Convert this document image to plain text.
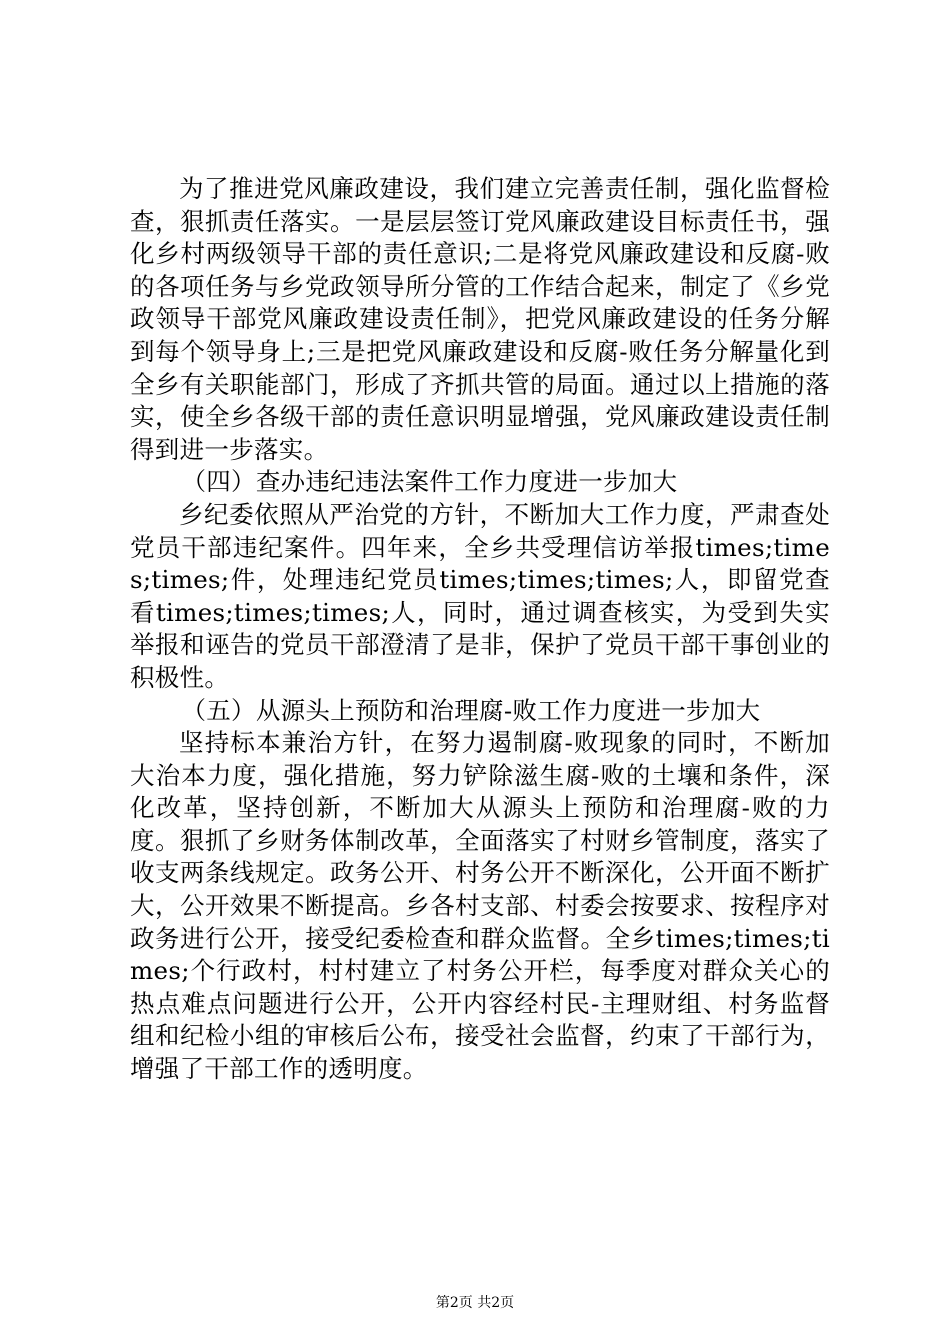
为了推进党风廉政建设，我们建立完善责任制，强化监督检查，狠抓责任落实。一是层层签订党风廉政建设目标责任书，强化乡村两级领导干部的责任意识;二是将党风廉政建设和反腐-败的各项任务与乡党政领导所分管的工作结合起来，制定了《乡党政领导干部党风廉政建设责任制》，把党风廉政建设的任务分解到每个领导身上;三是把党风廉政建设和反腐-败任务分解量化到全乡有关职能部门，形成了齐抓共管的局面。通过以上措施的落实，使全乡各级干部的责任意识明显增强，党风廉政建设责任制得到进一步落实。

（四）查办违纪违法案件工作力度进一步加大

乡纪委依照从严治党的方针，不断加大工作力度，严肃查处党员干部违纪案件。四年来，全乡共受理信访举报times;times;times;件，处理违纪党员times;times;times;人，即留党查看times;times;times;人，同时，通过调查核实，为受到失实举报和诬告的党员干部澄清了是非，保护了党员干部干事创业的积极性。

（五）从源头上预防和治理腐-败工作力度进一步加大

坚持标本兼治方针，在努力遏制腐-败现象的同时，不断加大治本力度，强化措施，努力铲除滋生腐-败的土壤和条件，深化改革，坚持创新，不断加大从源头上预防和治理腐-败的力度。狠抓了乡财务体制改革，全面落实了村财乡管制度，落实了收支两条线规定。政务公开、村务公开不断深化，公开面不断扩大，公开效果不断提高。乡各村支部、村委会按要求、按程序对政务进行公开，接受纪委检查和群众监督。全乡times;times;times;个行政村，村村建立了村务公开栏，每季度对群众关心的热点难点问题进行公开，公开内容经村民-主理财组、村务监督组和纪检小组的审核后公布，接受社会监督，约束了干部行为，增强了干部工作的透明度。

第2页 共2页
